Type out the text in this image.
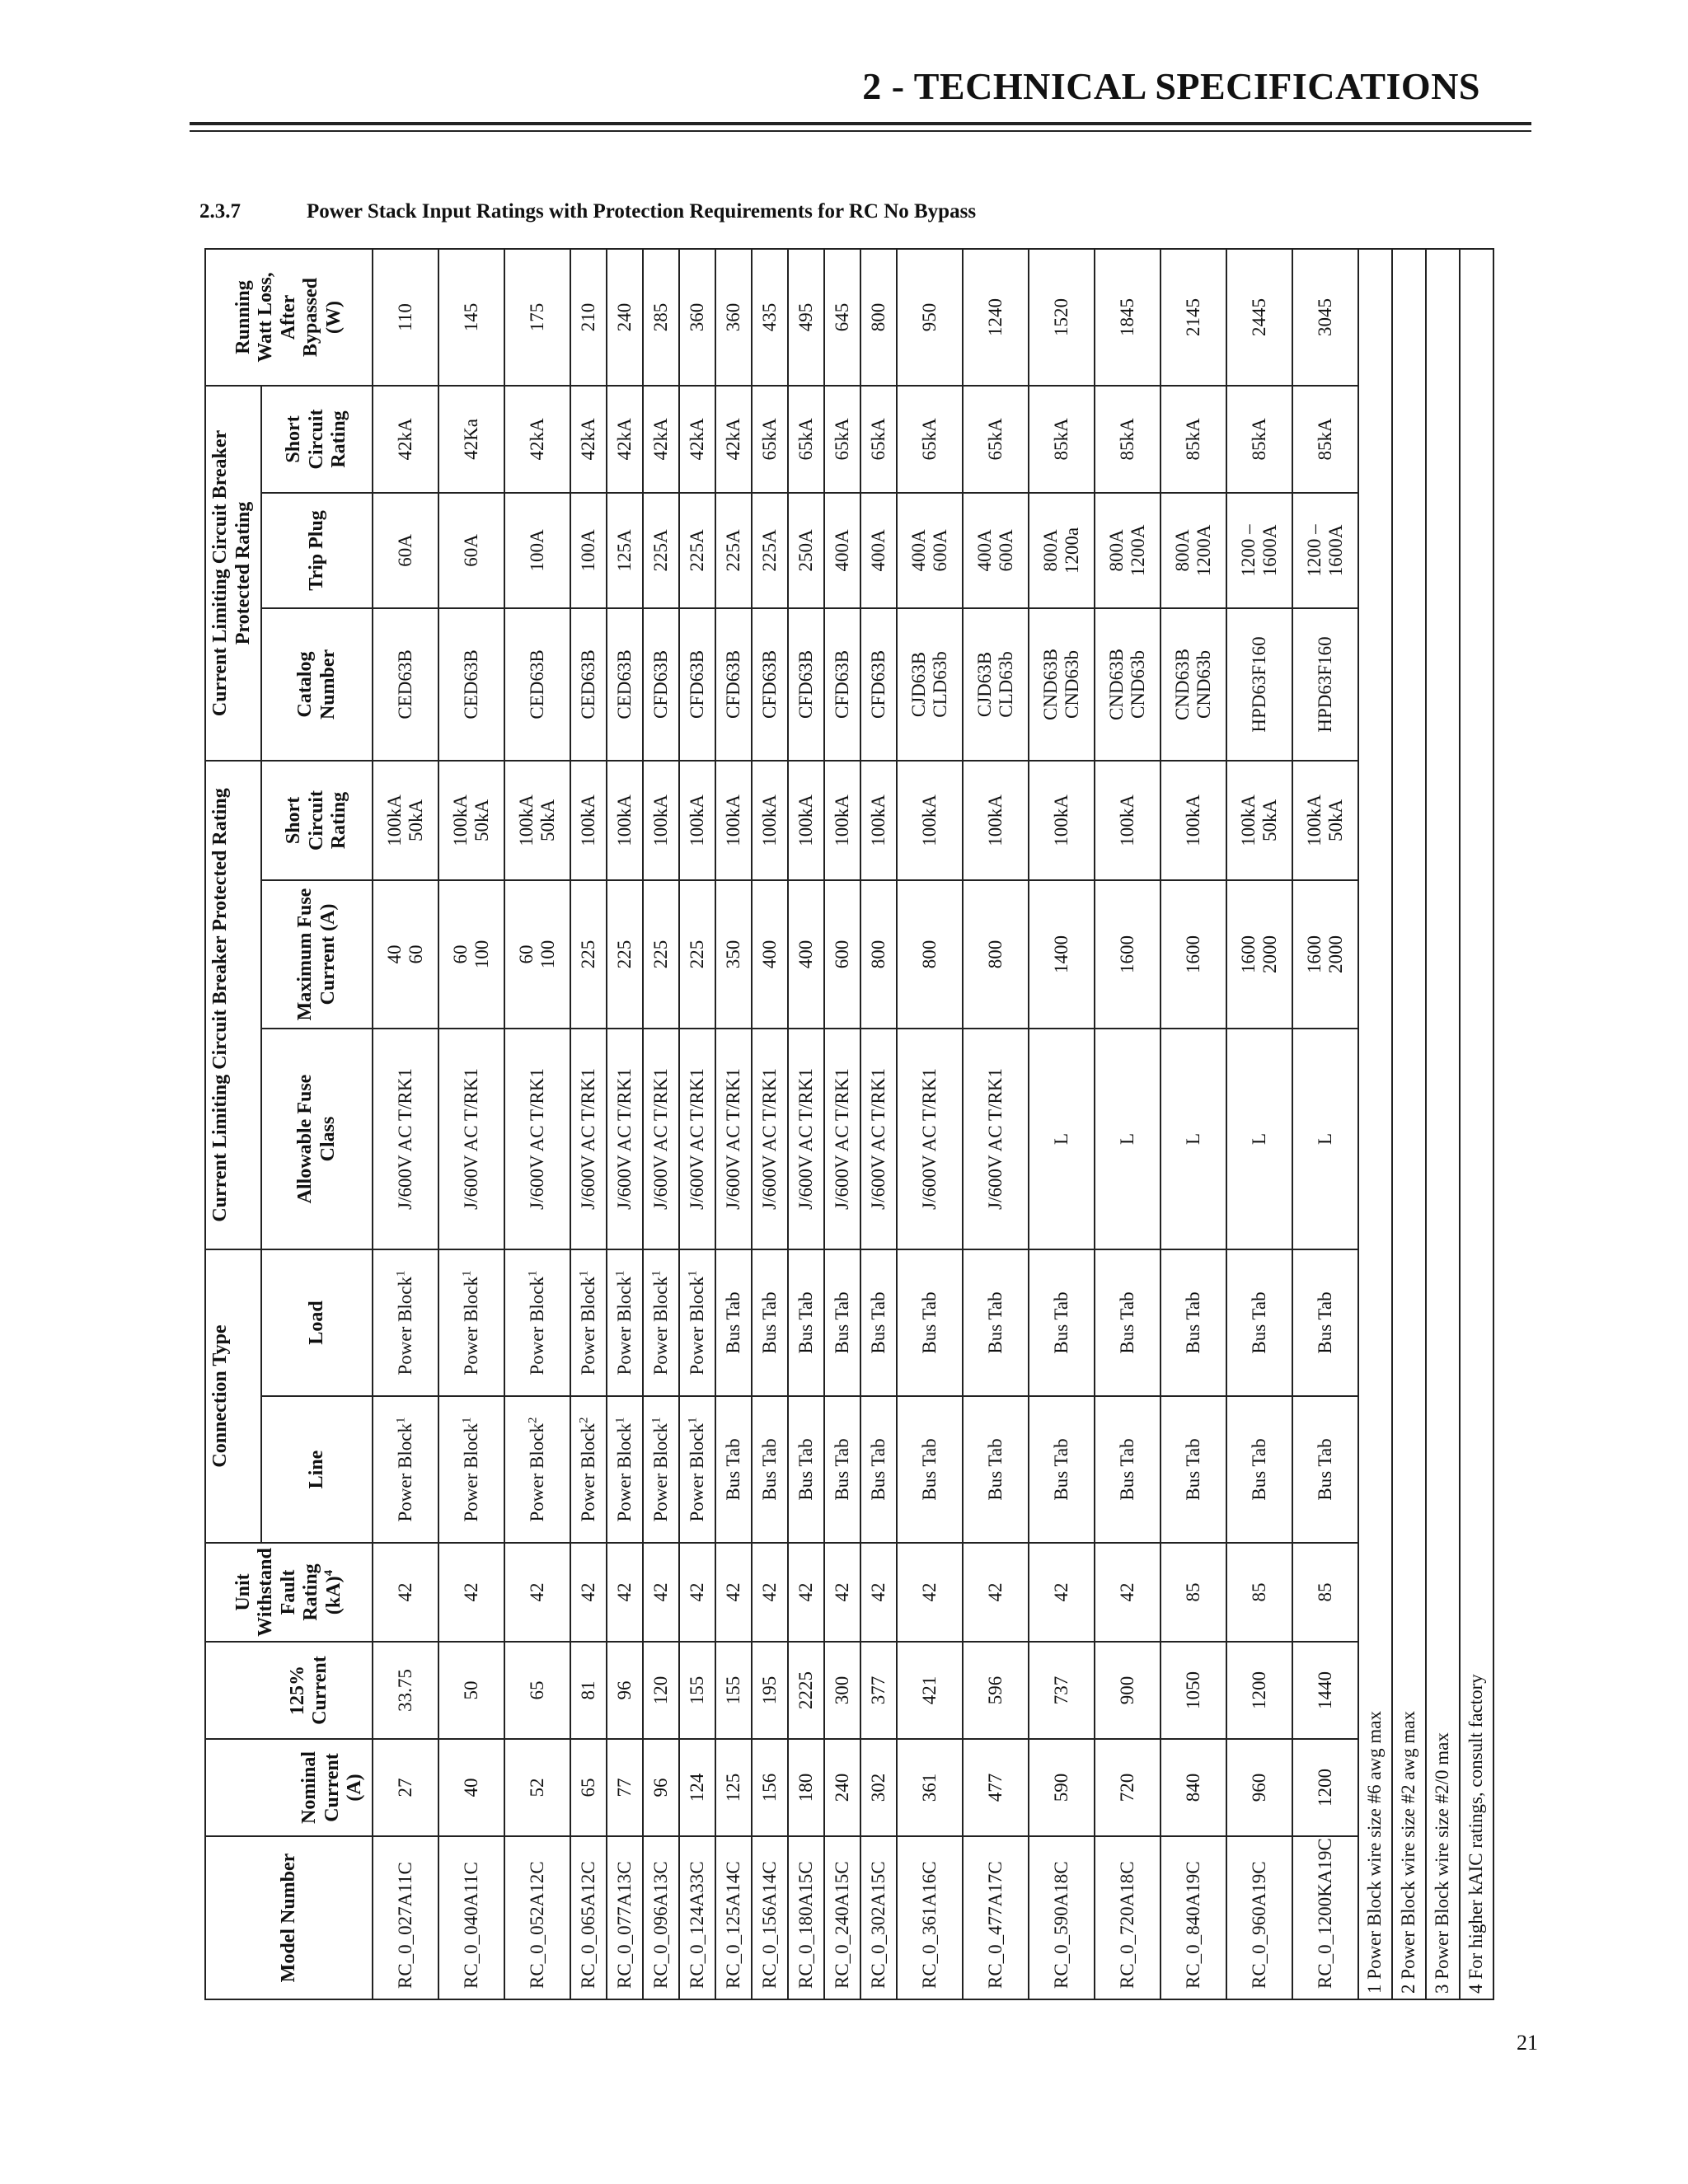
2 - TECHNICAL SPECIFICATIONS
2.3.7	Power Stack Input Ratings with Protection Requirements for RC No Bypass
Model Number	Nominal Current (A)	125% Current	Unit Withstand Fault Rating (kA)$^4$	Connection Type		Current Limiting Circuit Breaker Protected Rating			Current Limiting Circuit Breaker Protected Rating			Running Watt Loss, After Bypassed (W)

				Line	Load	Allowable Fuse Class	Maximum Fuse Current (A)	Short Circuit Rating	Catalog Number	Trip Plug	Short Circuit Rating	

RC_0_027A11C	27	33.75	42	Power Block$^1$	Power Block$^1$	J/600V AC T/RK1	40 60	100kA 50kA	CED63B	60A	42kA	110
RC_0_040A11C	40	50	42	Power Block$^1$	Power Block$^1$	J/600V AC T/RK1	60 100	100kA 50kA	CED63B	60A	42Ka	145
RC_0_052A12C	52	65	42	Power Block$^2$	Power Block$^1$	J/600V AC T/RK1	60 100	100kA 50kA	CED63B	100A	42kA	175
RC_0_065A12C	65	81	42	Power Block$^2$	Power Block$^1$	J/600V AC T/RK1	225	100kA	CED63B	100A	42kA	210
RC_0_077A13C	77	96	42	Power Block$^1$	Power Block$^1$	J/600V AC T/RK1	225	100kA	CED63B	125A	42kA	240
RC_0_096A13C	96	120	42	Power Block$^1$	Power Block$^1$	J/600V AC T/RK1	225	100kA	CFD63B	225A	42kA	285
RC_0_124A33C	124	155	42	Power Block$^1$	Power Block$^1$	J/600V AC T/RK1	225	100kA	CFD63B	225A	42kA	360
RC_0_125A14C	125	155	42	Bus Tab	Bus Tab	J/600V AC T/RK1	350	100kA	CFD63B	225A	42kA	360
RC_0_156A14C	156	195	42	Bus Tab	Bus Tab	J/600V AC T/RK1	400	100kA	CFD63B	225A	65kA	435
RC_0_180A15C	180	2225	42	Bus Tab	Bus Tab	J/600V AC T/RK1	400	100kA	CFD63B	250A	65kA	495
RC_0_240A15C	240	300	42	Bus Tab	Bus Tab	J/600V AC T/RK1	600	100kA	CFD63B	400A	65kA	645
RC_0_302A15C	302	377	42	Bus Tab	Bus Tab	J/600V AC T/RK1	800	100kA	CFD63B	400A	65kA	800
RC_0_361A16C	361	421	42	Bus Tab	Bus Tab	J/600V AC T/RK1	800	100kA	CJD63B CLD63b	400A 600A	65kA	950
RC_0_477A17C	477	596	42	Bus Tab	Bus Tab	J/600V AC T/RK1	800	100kA	CJD63B CLD63b	400A 600A	65kA	1240
RC_0_590A18C	590	737	42	Bus Tab	Bus Tab	L	1400	100kA	CND63B CND63b	800A 1200a	85kA	1520
RC_0_720A18C	720	900	42	Bus Tab	Bus Tab	L	1600	100kA	CND63B CND63b	800A 1200A	85kA	1845
RC_0_840A19C	840	1050	85	Bus Tab	Bus Tab	L	1600	100kA	CND63B CND63b	800A 1200A	85kA	2145
RC_0_960A19C	960	1200	85	Bus Tab	Bus Tab	L	1600 2000	100kA 50kA	HPD63F160	1200 – 1600A	85kA	2445
RC_0_1200KA19C	1200	1440	85	Bus Tab	Bus Tab	L	1600 2000	100kA 50kA	HPD63F160	1200 – 1600A	85kA	3045
1 Power Block wire size #6 awg max												
2 Power Block wire size #2 awg max												
3 Power Block wire size #2/0 max												
4 For higher kAIC ratings, consult factory												
21
